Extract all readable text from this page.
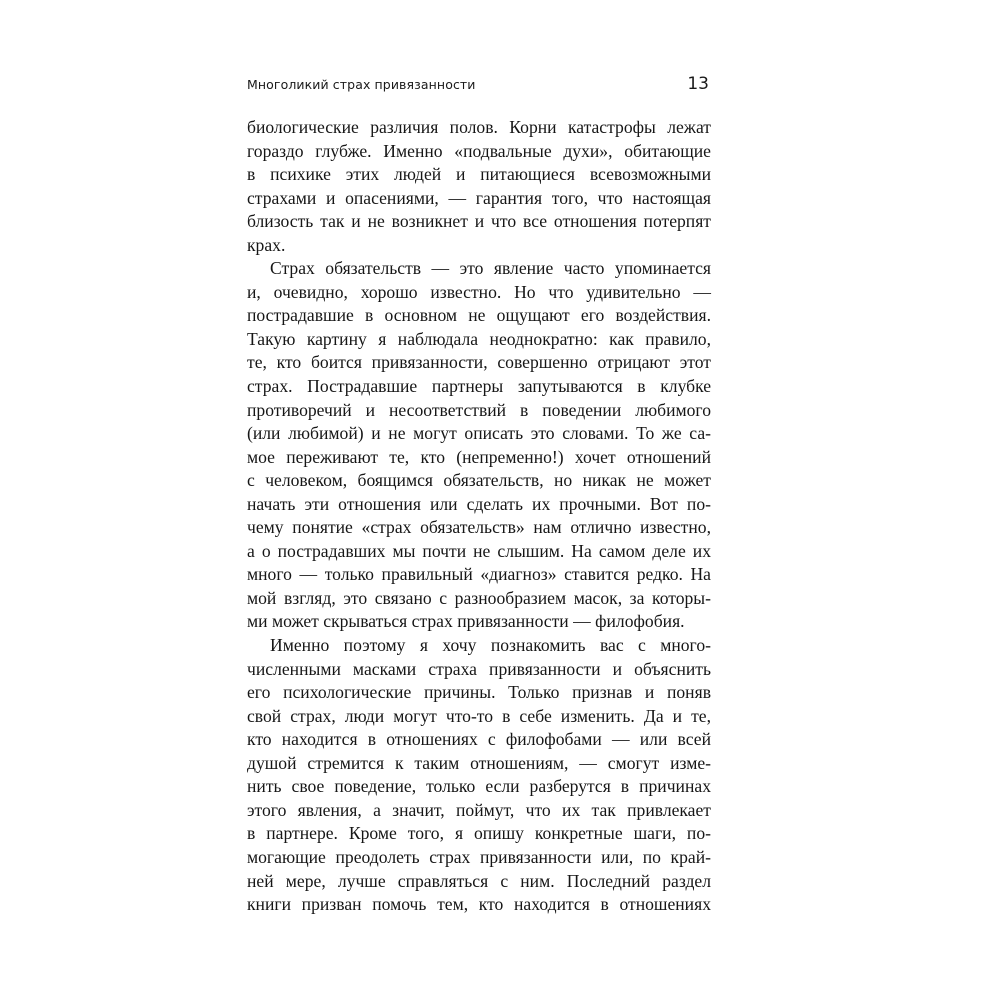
Многоликий страх привязанности	13
биологические различия полов. Корни катастрофы лежат
гораздо глубже. Именно «подвальные духи», обитающие
в психике этих людей и питающиеся всевозможными
страхами и опасениями, — гарантия того, что настоящая
близость так и не возникнет и что все отношения потерпят
крах.
Страх обязательств — это явление часто упоминается
и, очевидно, хорошо известно. Но что удивительно —
пострадавшие в основном не ощущают его воздействия.
Такую картину я наблюдала неоднократно: как правило,
те, кто боится привязанности, совершенно отрицают этот
страх. Пострадавшие партнеры запутываются в клубке
противоречий и несоответствий в поведении любимого
(или любимой) и не могут описать это словами. То же са-
мое переживают те, кто (непременно!) хочет отношений
с человеком, боящимся обязательств, но никак не может
начать эти отношения или сделать их прочными. Вот по-
чему понятие «страх обязательств» нам отлично известно,
а о пострадавших мы почти не слышим. На самом деле их
много — только правильный «диагноз» ставится редко. На
мой взгляд, это связано с разнообразием масок, за которы-
ми может скрываться страх привязанности — филофобия.
Именно поэтому я хочу познакомить вас с много-
численными масками страха привязанности и объяснить
его психологические причины. Только признав и поняв
свой страх, люди могут что-то в себе изменить. Да и те,
кто находится в отношениях с филофобами — или всей
душой стремится к таким отношениям, — смогут изме-
нить свое поведение, только если разберутся в причинах
этого явления, а значит, поймут, что их так привлекает
в партнере. Кроме того, я опишу конкретные шаги, по-
могающие преодолеть страх привязанности или, по край-
ней мере, лучше справляться с ним. Последний раздел
книги призван помочь тем, кто находится в отношениях
